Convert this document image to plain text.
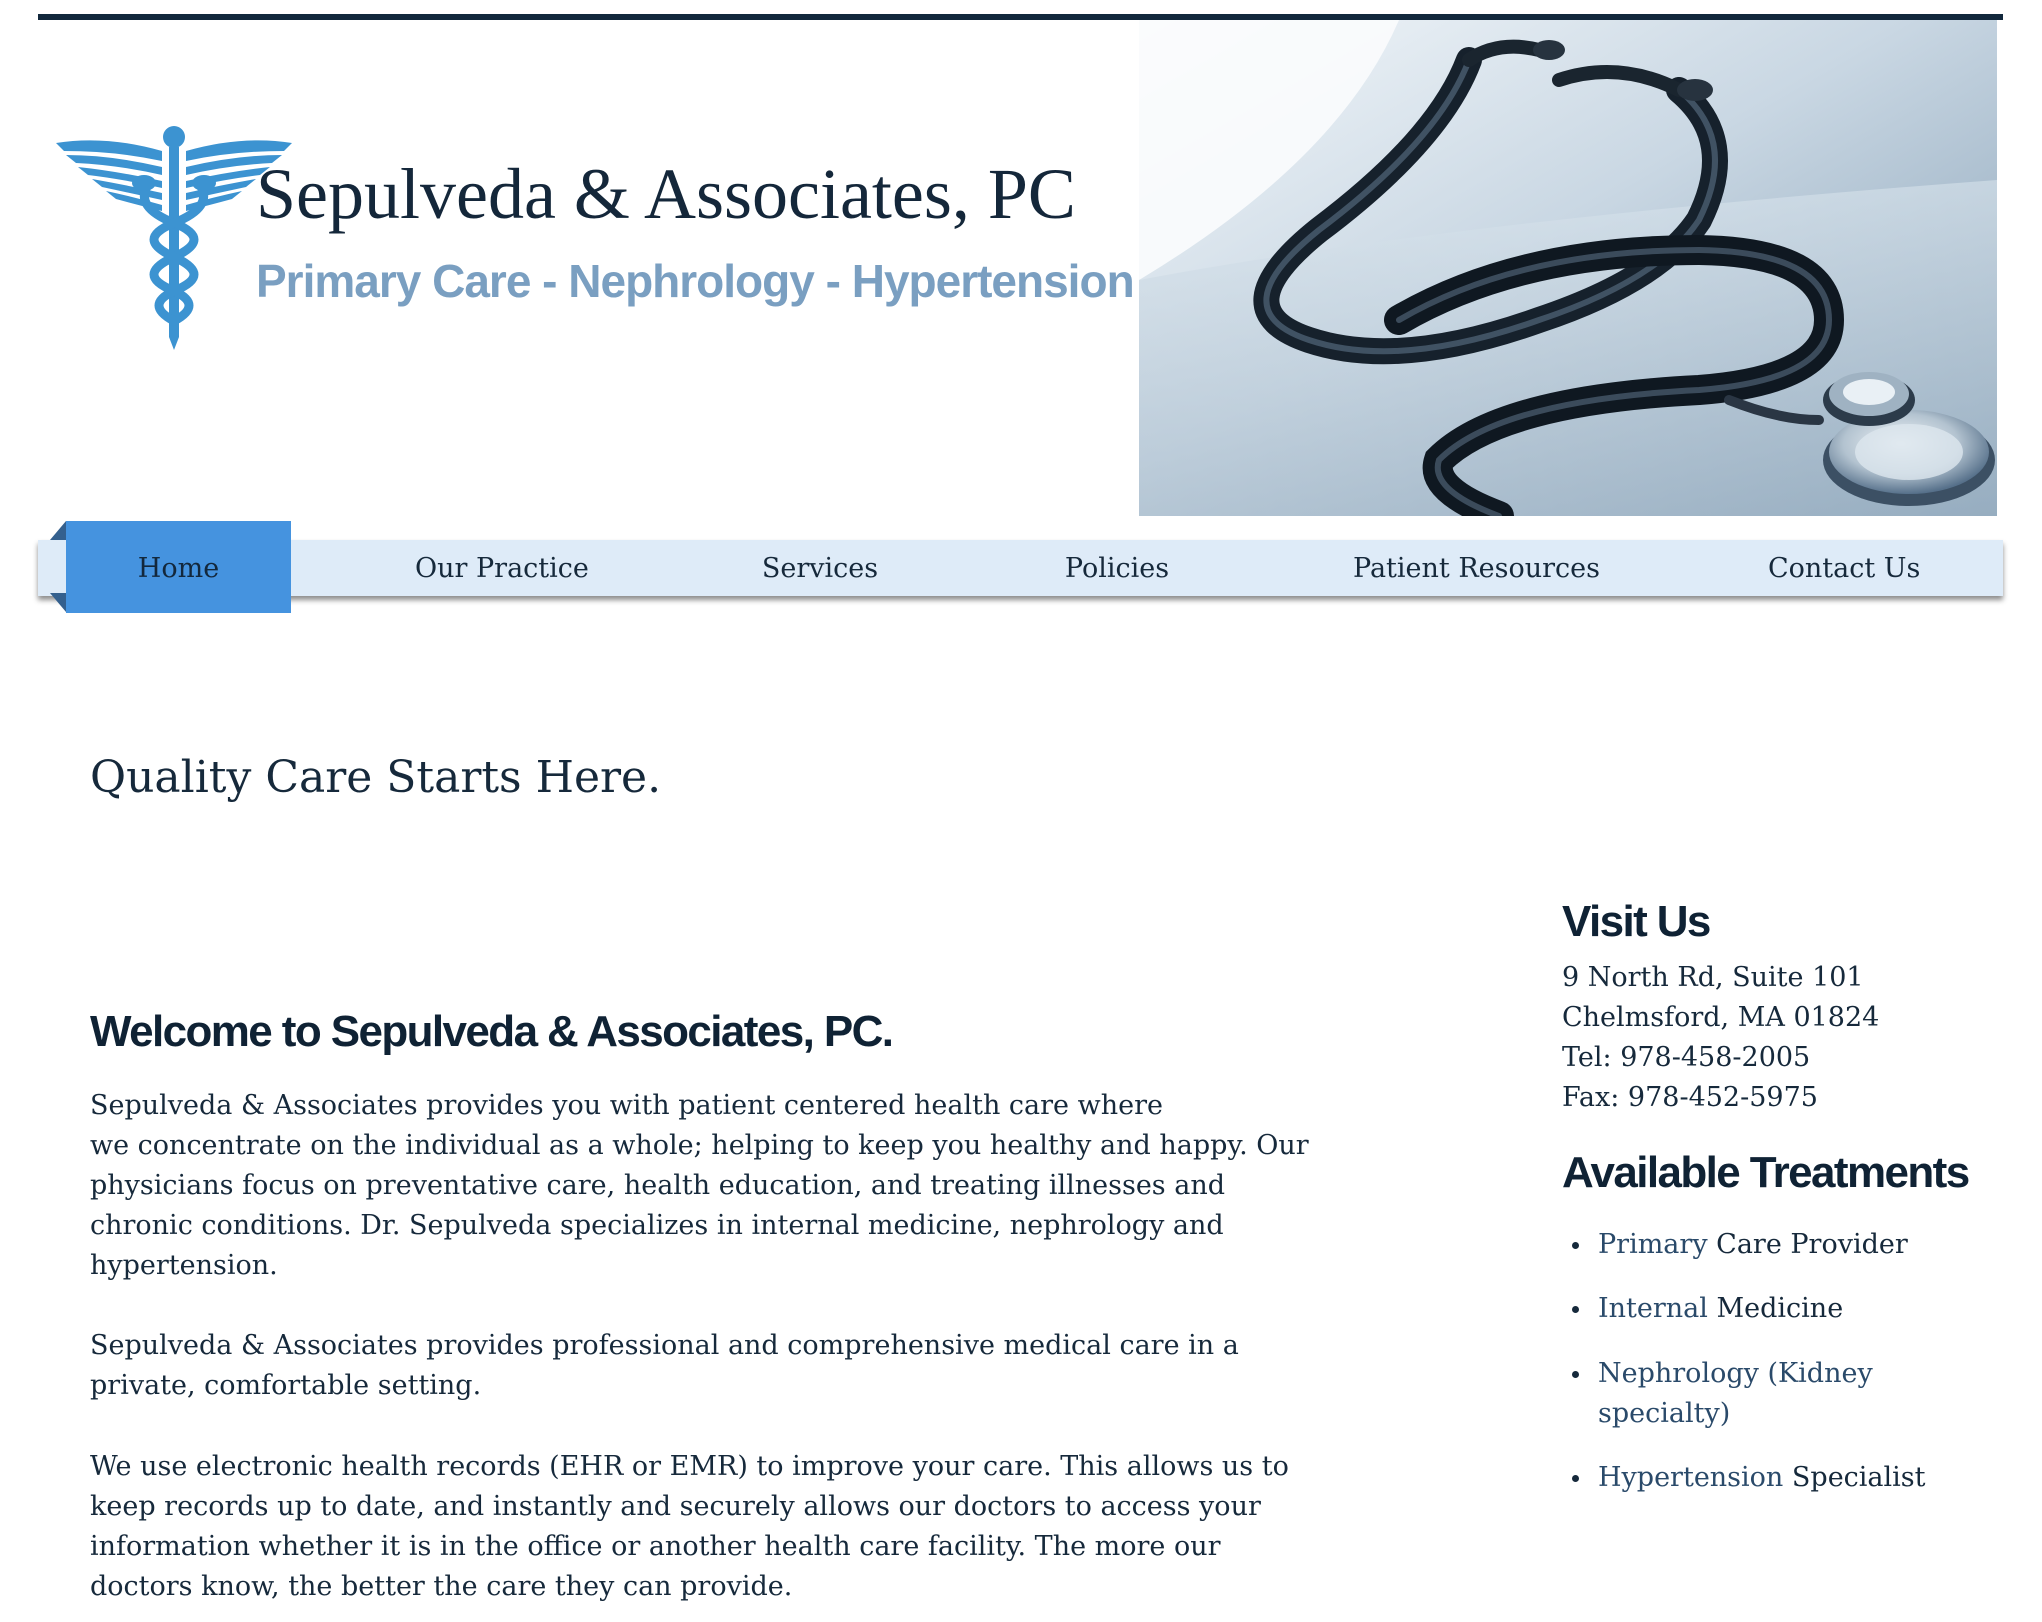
Sepulveda & Associates, PC
Primary Care - Nephrology - Hypertension
Home	Our Practice	Services	Policies	Patient Resources	Contact Us
Quality Care Starts Here.
Welcome to Sepulveda & Associates, PC.
Sepulveda & Associates provides you with patient centered health care where
we concentrate on the individual as a whole; helping to keep you healthy and happy. Our
physicians focus on preventative care, health education, and treating illnesses and
chronic conditions. Dr. Sepulveda specializes in internal medicine, nephrology and
hypertension.
Sepulveda & Associates provides professional and comprehensive medical care in a
private, comfortable setting.
We use electronic health records (EHR or EMR) to improve your care. This allows us to
keep records up to date, and instantly and securely allows our doctors to access your
information whether it is in the office or another health care facility. The more our
doctors know, the better the care they can provide.
Visit Us
9 North Rd, Suite 101
Chelmsford, MA 01824
Tel: 978-458-2005
Fax: 978-452-5975
Available Treatments
Primary Care Provider
Internal Medicine
Nephrology (Kidney
specialty)
Hypertension Specialist
